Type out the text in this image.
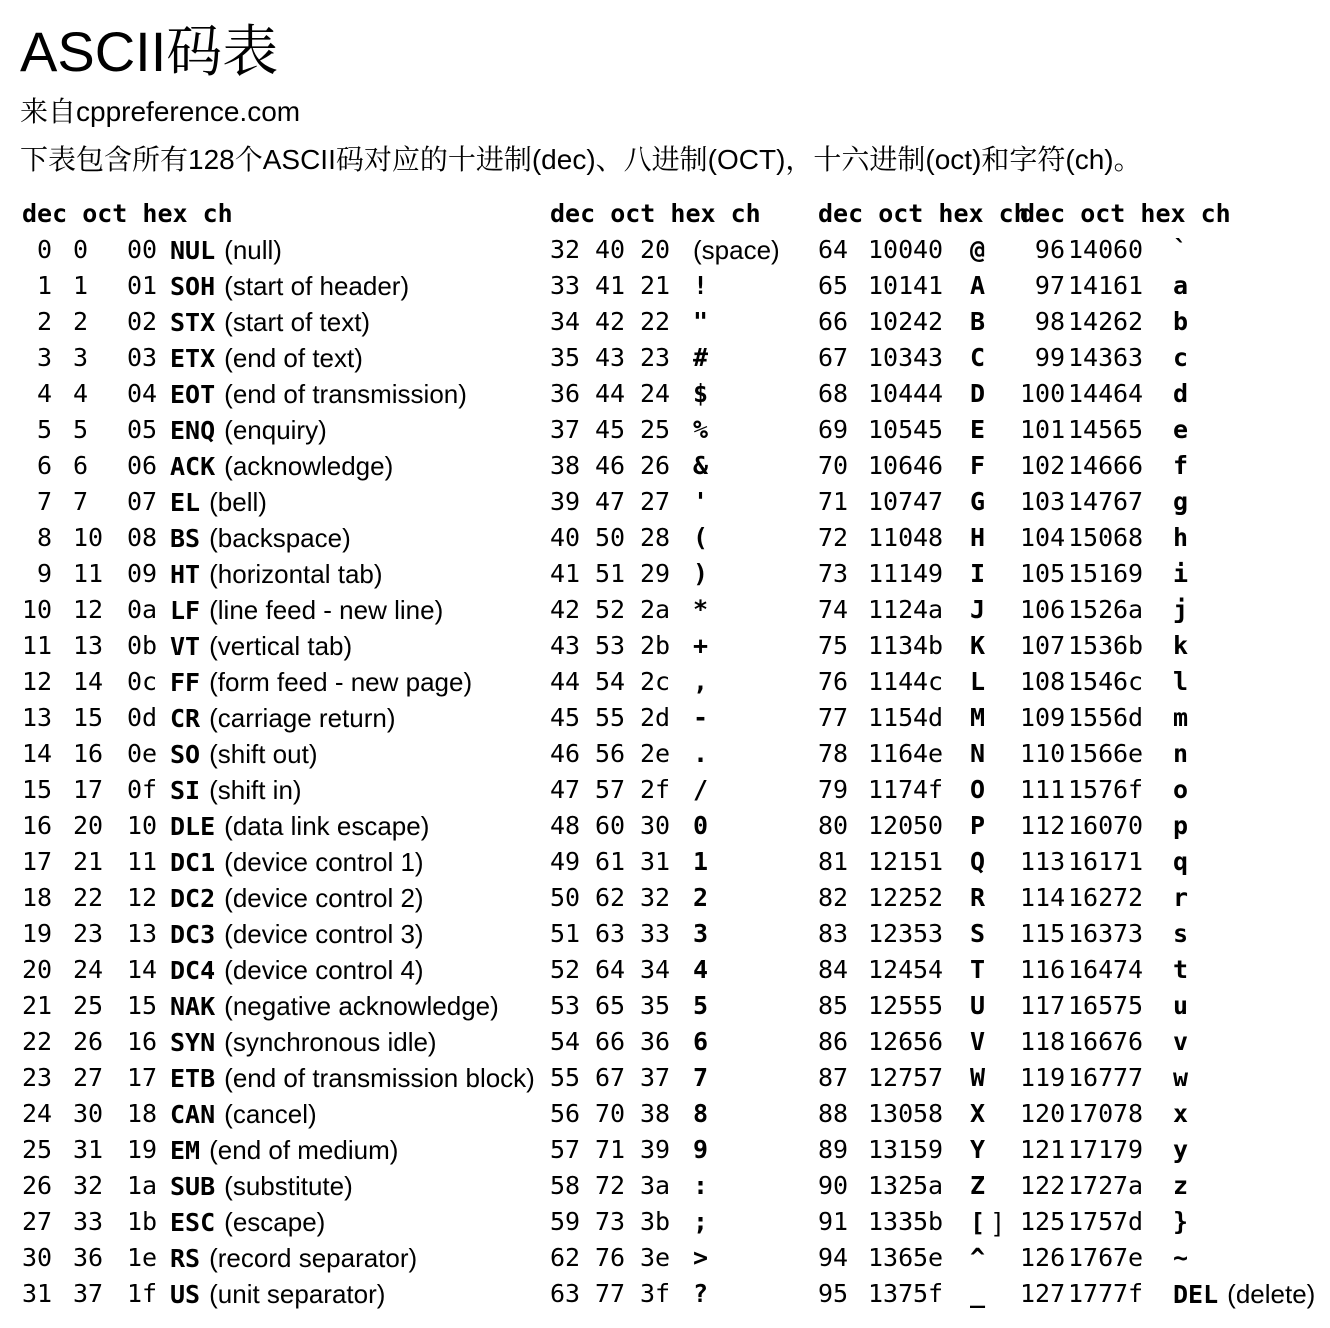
ASCII码表
来自cppreference.com
下表包含所有128个ASCII码对应的十进制(dec)、八进制(OCT)，十六进制(oct)和字符(ch)。
dec oct hex ch	dec oct hex ch dec oct hex ch
dec oct hex ch
0 0 00 NUL (null)	32 40 20 (space) 64 100 40 @	96 140 60 `
1 1 01 SOH (start of header)	33 41 21 !	65 101 41 A	97 141 61 a
2 2 02 STX (start of text)	34 42 22 "	66 102 42 B	98 142 62 b
3 3 03 ETX (end of text)	35 43 23 #	67 103 43 C	99 143 63 c
4 4 04 EOT (end of transmission)	36 44 24 $	68 104 44 D 100 144 64 d
5 5 05 ENQ (enquiry)	37 45 25 %	69 105 45 E 101 145 65 e
6 6 06 ACK (acknowledge)	38 46 26 &	70 106 46 F 102 146 66 f
7 7 07 EL (bell)	39 47 27 '	71 107 47 G 103 147 67 g
8 10 08 BS (backspace)	40 50 28 (	72 110 48 H 104 150 68 h
9 11 09 HT (horizontal tab)	41 51 29 )	73 111 49 I 105 151 69 i
10 12 0a LF (line feed - new line)	42 52 2a *	74 112 4a J 106 152 6a j
11 13 0b VT (vertical tab)	43 53 2b +	75 113 4b K 107 153 6b k
12 14 0c FF (form feed - new page)	44 54 2c ,	76 114 4c L 108 154 6c l
13 15 0d CR (carriage return)	45 55 2d -	77 115 4d M 109 155 6d m
14 16 0e SO (shift out)	46 56 2e .	78 116 4e N 110 156 6e n
15 17 0f SI (shift in)	47 57 2f /	79 117 4f O 111 157 6f o
16 20 10 DLE (data link escape)	48 60 30 0	80 120 50 P 112 160 70 p
17 21 11 DC1 (device control 1)	49 61 31 1	81 121 51 Q 113 161 71 q
18 22 12 DC2 (device control 2)	50 62 32 2	82 122 52 R 114 162 72 r
19 23 13 DC3 (device control 3)	51 63 33 3	83 123 53 S 115 163 73 s
20 24 14 DC4 (device control 4)	52 64 34 4	84 124 54 T 116 164 74 t
21 25 15 NAK (negative acknowledge) 53 65 35 5	85 125 55 U 117 165 75 u
22 26 16 SYN (synchronous idle)	54 66 36 6	86 126 56 V 118 166 76 v
23 27 17 ETB (end of transmission block) 55 67 37 7	87 127 57 W 119 167 77 w
24 30 18 CAN (cancel)	56 70 38 8	88 130 58 X 120 170 78 x
25 31 19 EM (end of medium)	57 71 39 9	89 131 59 Y 121 171 79 y
26 32 1a SUB (substitute)	58 72 3a :	90 132 5a Z 122 172 7a z
27 33 1b ESC (escape)	59 73 3b ;	91 133 5b [ ] 125 175 7d }
30 36 1e RS (record separator)	62 76 3e >	94 136 5e ^ 126 176 7e ~
31 37 1f US (unit separator)	63 77 3f ?	95 137 5f _ 127 177 7f DEL (delete)
